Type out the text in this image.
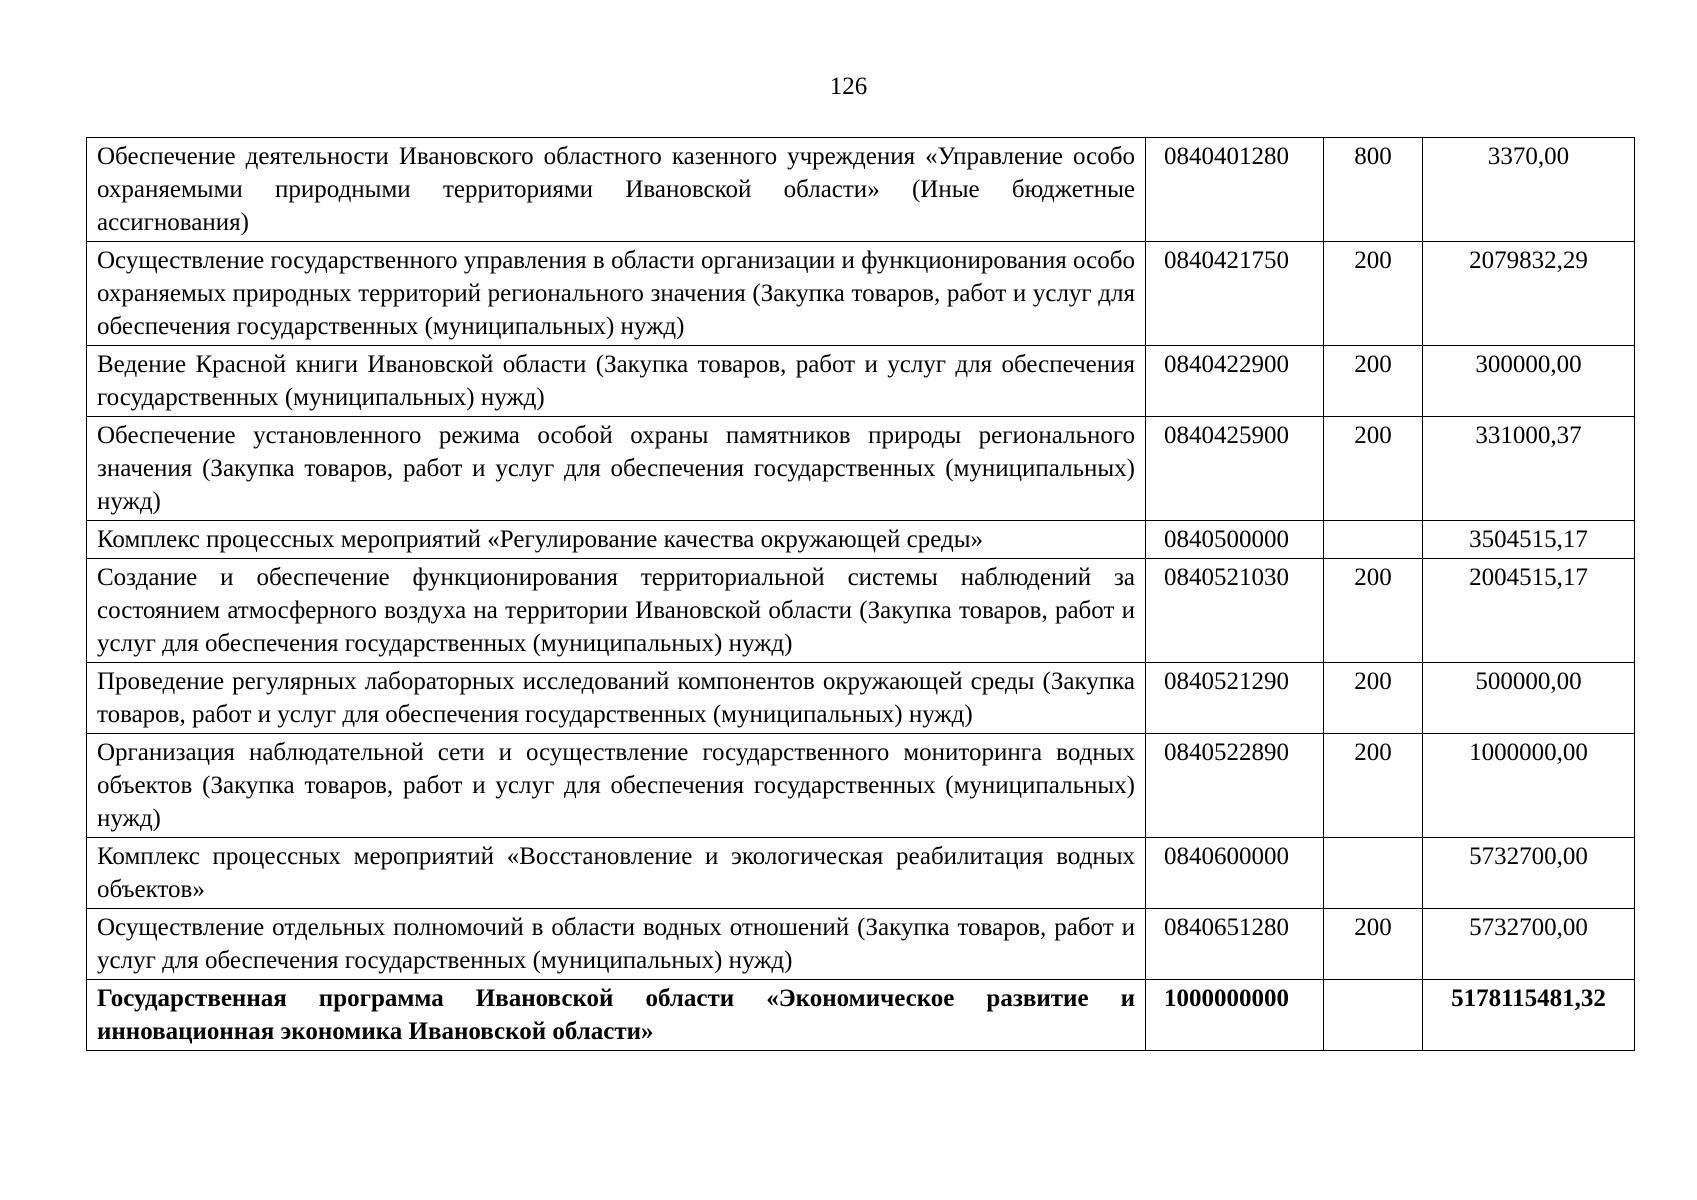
126
Обеспечение деятельности Ивановского областного казенного учреждения «Управление особо охраняемыми природными территориями Ивановской области» (Иные бюджетные ассигнования)	0840401280	800	3370,00
Осуществление государственного управления в области организации и функционирования особо охраняемых природных территорий регионального значения (Закупка товаров, работ и услуг для обеспечения государственных (муниципальных) нужд)	0840421750	200	2079832,29
Ведение Красной книги Ивановской области (Закупка товаров, работ и услуг для обеспечения государственных (муниципальных) нужд)	0840422900	200	300000,00
Обеспечение установленного режима особой охраны памятников природы регионального значения (Закупка товаров, работ и услуг для обеспечения государственных (муниципальных) нужд)	0840425900	200	331000,37
Комплекс процессных мероприятий «Регулирование качества окружающей среды»	0840500000		3504515,17
Создание и обеспечение функционирования территориальной системы наблюдений за состоянием атмосферного воздуха на территории Ивановской области (Закупка товаров, работ и услуг для обеспечения государственных (муниципальных) нужд)	0840521030	200	2004515,17
Проведение регулярных лабораторных исследований компонентов окружающей среды (Закупка товаров, работ и услуг для обеспечения государственных (муниципальных) нужд)	0840521290	200	500000,00
Организация наблюдательной сети и осуществление государственного мониторинга водных объектов (Закупка товаров, работ и услуг для обеспечения государственных (муниципальных) нужд)	0840522890	200	1000000,00
Комплекс процессных мероприятий «Восстановление и экологическая реабилитация водных объектов»	0840600000		5732700,00
Осуществление отдельных полномочий в области водных отношений (Закупка товаров, работ и услуг для обеспечения государственных (муниципальных) нужд)	0840651280	200	5732700,00
Государственная программа Ивановской области «Экономическое развитие и инновационная экономика Ивановской области»	1000000000		5178115481,32
